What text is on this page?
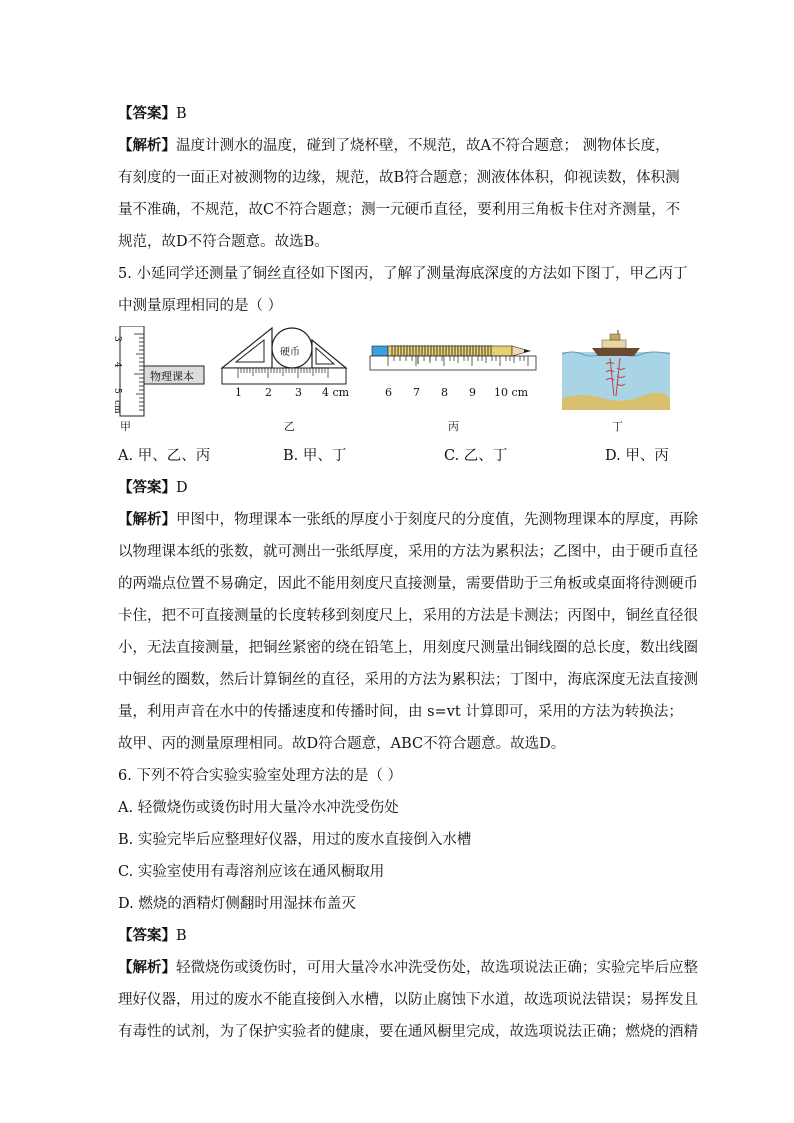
【答案】B
【解析】温度计测水的温度，碰到了烧杯壁，不规范，故A不符合题意； 测物体长度，
有刻度的一面正对被测物的边缘，规范，故B符合题意；测液体体积，仰视读数，体积测
量不准确，不规范，故C不符合题意；测一元硬币直径，要利用三角板卡住对齐测量，不
规范，故D不符合题意。故选B。
5. 小延同学还测量了铜丝直径如下图丙，了解了测量海底深度的方法如下图丁，甲乙丙丁
中测量原理相同的是（ ）
3
4
5
cm
物理课本
甲
硬币
1 2 3 4 cm
乙
6 7 8 9 10 cm
丙	丁
A. 甲、乙、丙	B. 甲、丁	C. 乙、丁	D. 甲、丙
【答案】D
【解析】甲图中，物理课本一张纸的厚度小于刻度尺的分度值，先测物理课本的厚度，再除
以物理课本纸的张数，就可测出一张纸厚度，采用的方法为累积法；乙图中，由于硬币直径
的两端点位置不易确定，因此不能用刻度尺直接测量，需要借助于三角板或桌面将待测硬币
卡住，把不可直接测量的长度转移到刻度尺上，采用的方法是卡测法；丙图中，铜丝直径很
小，无法直接测量，把铜丝紧密的绕在铅笔上，用刻度尺测量出铜线圈的总长度，数出线圈
中铜丝的圈数，然后计算铜丝的直径，采用的方法为累积法；丁图中，海底深度无法直接测
量，利用声音在水中的传播速度和传播时间，由 s=vt 计算即可，采用的方法为转换法；
故甲、丙的测量原理相同。故D符合题意，ABC不符合题意。故选D。
6. 下列不符合实验实验室处理方法的是（ ）
A. 轻微烧伤或烫伤时用大量冷水冲洗受伤处
B. 实验完毕后应整理好仪器，用过的废水直接倒入水槽
C. 实验室使用有毒溶剂应该在通风橱取用
D. 燃烧的酒精灯侧翻时用湿抹布盖灭
【答案】B
【解析】轻微烧伤或烫伤时，可用大量冷水冲洗受伤处，故选项说法正确；实验完毕后应整
理好仪器，用过的废水不能直接倒入水槽，以防止腐蚀下水道，故选项说法错误；易挥发且
有毒性的试剂，为了保护实验者的健康，要在通风橱里完成，故选项说法正确；燃烧的酒精
